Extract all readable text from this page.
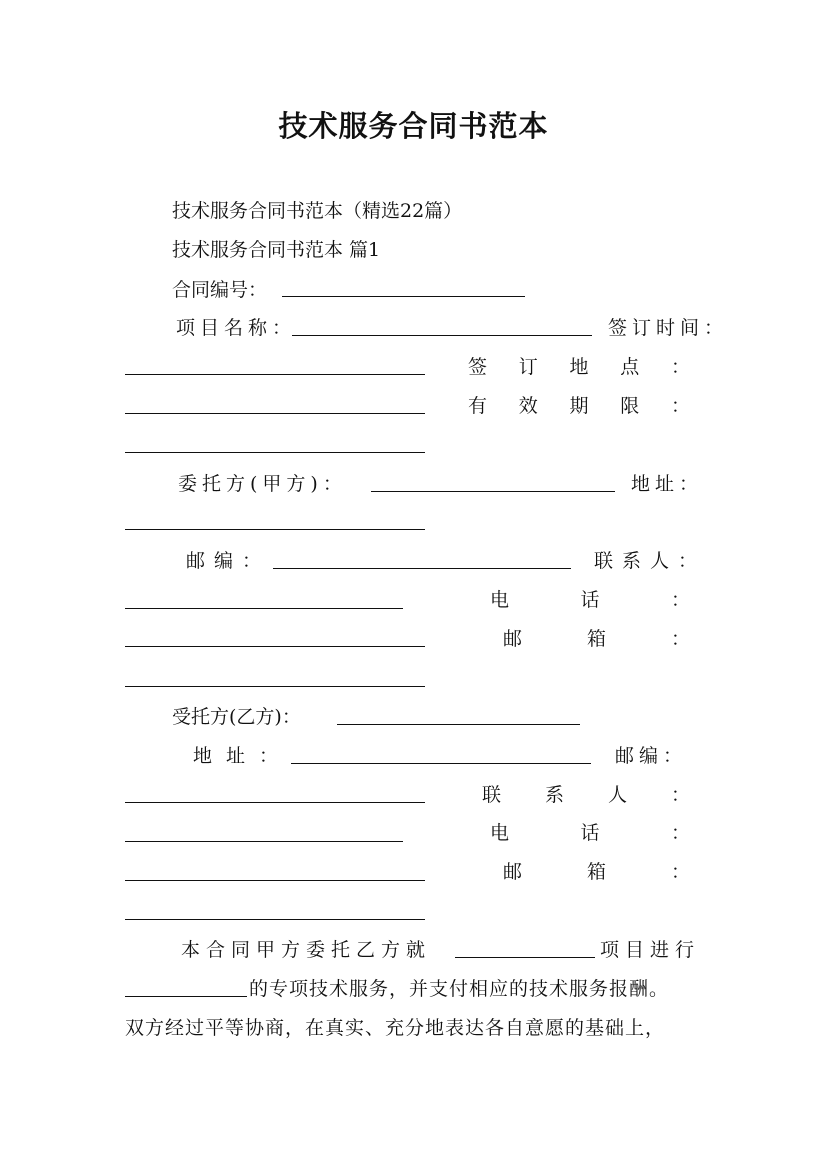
技术服务合同书范本
技术服务合同书范本（精选22篇）
技术服务合同书范本 篇1
合同编号：
项目名称：	签订时间：
签 订 地 点 ：
有 效 期 限 ：
委托方(甲方)：	地址：
邮编：	联系人：
电	话	：
邮	箱	：
受托方(乙方)：
地址：	邮编：
联 系 人 ：
电	话	：
邮	箱	：
本合同甲方委托乙方就	项目进行
的专项技术服务，并支付相应的技术服务报酬。
双方经过平等协商，在真实、充分地表达各自意愿的基础上，
